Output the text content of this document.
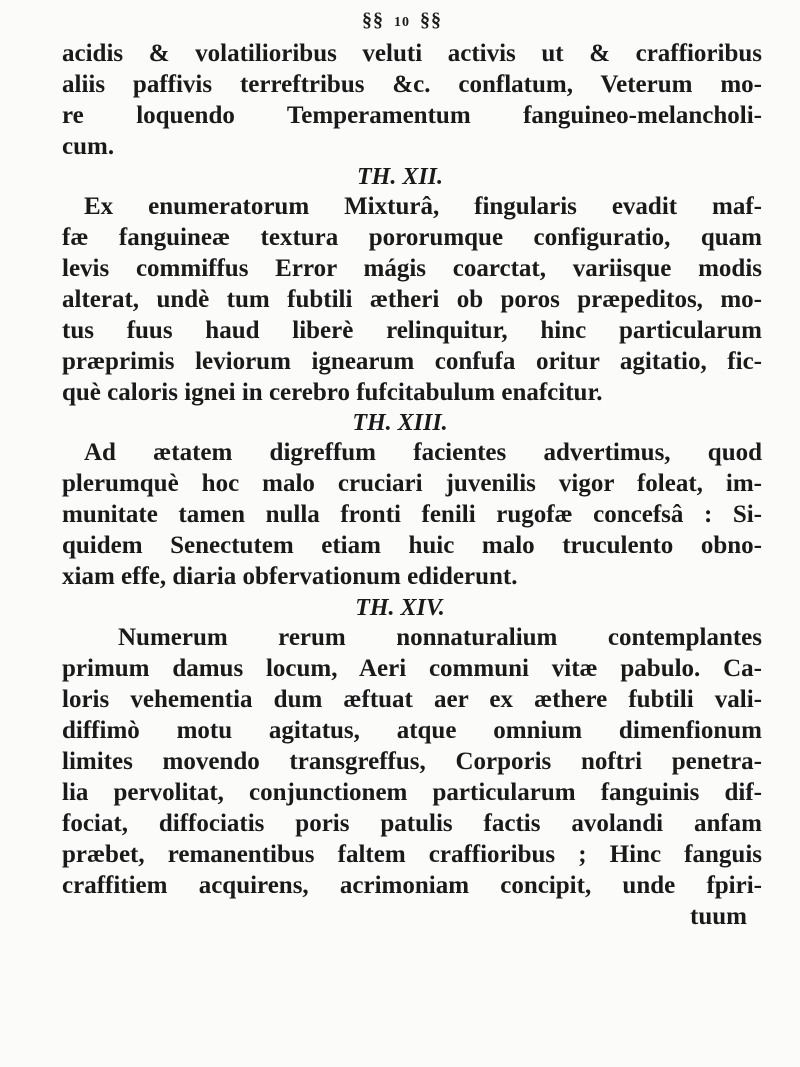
§§ 10 §§
acidis & volatilioribus veluti activis ut & craffioribus
aliis paffivis terreftribus &c. conflatum, Veterum mo-
re loquendo Temperamentum fanguineo-melancholi-
cum.
TH. XII.
Ex enumeratorum Mixturâ, fingularis evadit maf-
fæ fanguineæ textura pororumque configuratio, quam
levis commiffus Error mágis coarctat, variisque modis
alterat, undè tum fubtili ætheri ob poros præpeditos, mo-
tus fuus haud liberè relinquitur, hinc particularum
præprimis leviorum ignearum confufa oritur agitatio, fic-
què caloris ignei in cerebro fufcitabulum enafcitur.
TH. XIII.
Ad ætatem digreffum facientes advertimus, quod
plerumquè hoc malo cruciari juvenilis vigor foleat, im-
munitate tamen nulla fronti fenili rugofæ concefsâ : Si-
quidem Senectutem etiam huic malo truculento obno-
xiam effe, diaria obfervationum ediderunt.
TH. XIV.
Numerum rerum nonnaturalium contemplantes
primum damus locum, Aeri communi vitæ pabulo. Ca-
loris vehementia dum æftuat aer ex æthere fubtili vali-
diffimò motu agitatus, atque omnium dimenfionum
limites movendo transgreffus, Corporis noftri penetra-
lia pervolitat, conjunctionem particularum fanguinis dif-
fociat, diffociatis poris patulis factis avolandi anfam
præbet, remanentibus faltem craffioribus ; Hinc fanguis
craffitiem acquirens, acrimoniam concipit, unde fpiri-
tuum
